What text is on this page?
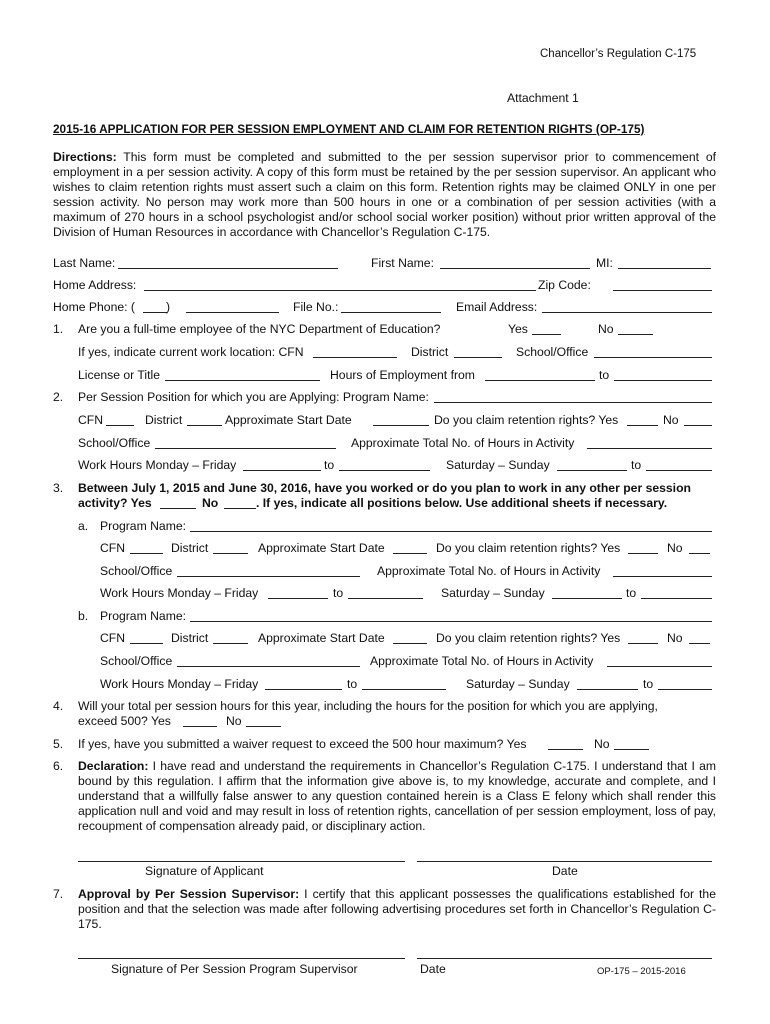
Chancellor’s Regulation C-175
Attachment 1
2015-16 APPLICATION FOR PER SESSION EMPLOYMENT AND CLAIM FOR RETENTION RIGHTS (OP-175)
Directions: This form must be completed and submitted to the per session supervisor prior to commencement of employment in a per session activity. A copy of this form must be retained by the per session supervisor. An applicant who wishes to claim retention rights must assert such a claim on this form. Retention rights may be claimed ONLY in one per session activity. No person may work more than 500 hours in one or a combination of per session activities (with a maximum of 270 hours in a school psychologist and/or school social worker position) without prior written approval of the Division of Human Resources in accordance with Chancellor’s Regulation C-175.
Last Name:	First Name:	MI:
Home Address:	Zip Code:
Home Phone: (	)	File No.:	Email Address:
1. Are you a full-time employee of the NYC Department of Education?	Yes	No
If yes, indicate current work location: CFN	District	School/Office
License or Title	Hours of Employment from	to
2. Per Session Position for which you are Applying: Program Name:
CFN	District	Approximate Start Date	Do you claim retention rights? Yes	No
School/Office	Approximate Total No. of Hours in Activity
Work Hours Monday – Friday	to	Saturday – Sunday	to
3. Between July 1, 2015 and June 30, 2016, have you worked or do you plan to work in any other per session
activity? Yes	No	. If yes, indicate all positions below. Use additional sheets if necessary.
a. Program Name:
CFN	District	Approximate Start Date	Do you claim retention rights? Yes	No
School/Office	Approximate Total No. of Hours in Activity
Work Hours Monday – Friday	to	Saturday – Sunday	to
b. Program Name:
CFN	District	Approximate Start Date	Do you claim retention rights? Yes	No
School/Office	Approximate Total No. of Hours in Activity
Work Hours Monday – Friday	to	Saturday – Sunday	to
4. Will your total per session hours for this year, including the hours for the position for which you are applying,
exceed 500? Yes	No
5. If yes, have you submitted a waiver request to exceed the 500 hour maximum? Yes	No
6. Declaration: I have read and understand the requirements in Chancellor’s Regulation C-175. I understand that I am bound by this regulation. I affirm that the information give above is, to my knowledge, accurate and complete, and I understand that a willfully false answer to any question contained herein is a Class E felony which shall render this application null and void and may result in loss of retention rights, cancellation of per session employment, loss of pay, recoupment of compensation already paid, or disciplinary action.
Signature of Applicant	Date
7. Approval by Per Session Supervisor: I certify that this applicant possesses the qualifications established for the position and that the selection was made after following advertising procedures set forth in Chancellor’s Regulation C-175.
Signature of Per Session Program Supervisor	Date	OP-175 – 2015-2016
